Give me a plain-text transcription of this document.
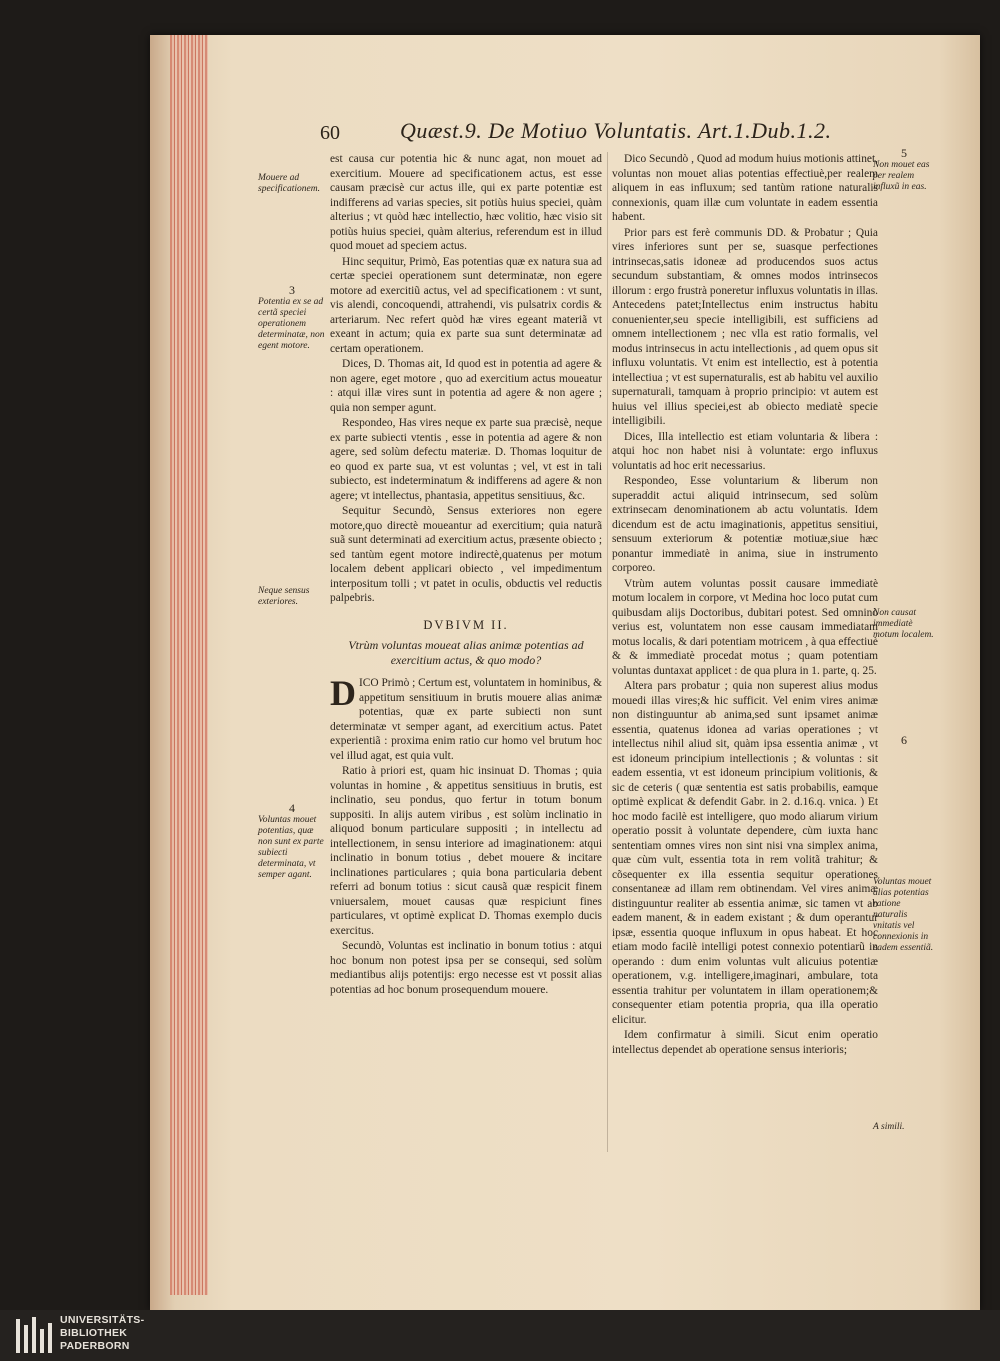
60	Quæst.9. De Motiuo Voluntatis. Art.1.Dub.1.2.

est causa cur potentia hic & nunc agat, non mouet ad exercitium. Mouere ad specificationem actus, est esse causam præcisè cur actus ille, qui ex parte potentiæ est indifferens ad varias species, sit potiùs huius speciei, quàm alterius ; vt quòd hæc intellectio, hæc volitio, hæc visio sit potiùs huius speciei, quàm alterius, referendum est in illud quod mouet ad speciem actus.

Hinc sequitur, Primò, Eas potentias quæ ex natura sua ad certæ speciei operationem sunt determinatæ, non egere motore ad exercitiũ actus, vel ad specificationem : vt sunt, vis alendi, concoquendi, attrahendi, vis pulsatrix cordis & arteriarum. Nec refert quòd hæ vires egeant materiã vt exeant in actum; quia ex parte sua sunt determinatæ ad certam operationem.

Dices, D. Thomas ait, Id quod est in potentia ad agere & non agere, eget motore , quo ad exercitium actus moueatur : atqui illæ vires sunt in potentia ad agere & non agere ; quia non semper agunt.

Respondeo, Has vires neque ex parte sua præcisè, neque ex parte subiecti vtentis , esse in potentia ad agere & non agere, sed solùm defectu materiæ. D. Thomas loquitur de eo quod ex parte sua, vt est voluntas ; vel, vt est in tali subiecto, est indeterminatum & indifferens ad agere & non agere; vt intellectus, phantasia, appetitus sensitiuus, &c.

Sequitur Secundò, Sensus exteriores non egere motore,quo directè moueantur ad exercitium; quia naturã suã sunt determinati ad exercitium actus, præsente obiecto ; sed tantùm egent motore indirectè,quatenus per motum localem debent applicari obiecto , vel impedimentum interpositum tolli ; vt patet in oculis, obductis vel reductis palpebris.

DVBIVM II.
Vtrùm voluntas moueat alias animæ potentias ad exercitium actus, & quo modo?

DICO Primò ; Certum est, voluntatem in hominibus, & appetitum sensitiuum in brutis mouere alias animæ potentias, quæ ex parte subiecti non sunt determinatæ vt semper agant, ad exercitium actus. Patet experientiã : proxima enim ratio cur homo vel brutum hoc vel illud agat, est quia vult.

Ratio à priori est, quam hic insinuat D. Thomas ; quia voluntas in homine , & appetitus sensitiuus in brutis, est inclinatio, seu pondus, quo fertur in totum bonum suppositi. In alijs autem viribus , est solùm inclinatio in aliquod bonum particulare suppositi ; in intellectu ad intellectionem, in sensu interiore ad imaginationem: atqui inclinatio in bonum totius , debet mouere & incitare inclinationes particulares ; quia bona particularia debent referri ad bonum totius : sicut causã quæ respicit finem vniuersalem, mouet causas quæ respiciunt fines particulares, vt optimè explicat D. Thomas exemplo ducis exercitus.

Secundò, Voluntas est inclinatio in bonum totius : atqui hoc bonum non potest ipsa per se consequi, sed solùm mediantibus alijs potentijs: ergo necesse est vt possit alias potentias ad hoc bonum prosequendum mouere.

Dico Secundò , Quod ad modum huius motionis attinet, voluntas non mouet alias potentias effectiuè,per realem aliquem in eas influxum; sed tantùm ratione naturalis connexionis, quam illæ cum voluntate in eadem essentia habent.

Prior pars est ferè communis DD. & Probatur ; Quia vires inferiores sunt per se, suasque perfectiones intrinsecas,satis idoneæ ad producendos suos actus secundum substantiam, & omnes modos intrinsecos illorum : ergo frustrà poneretur influxus voluntatis in illas. Antecedens patet;Intellectus enim instructus habitu conuenienter,seu specie intelligibili, est sufficiens ad omnem intellectionem ; nec vlla est ratio formalis, vel modus intrinsecus in actu intellectionis , ad quem opus sit influxu voluntatis. Vt enim est intellectio, est à potentia intellectiua ; vt est supernaturalis, est ab habitu vel auxilio supernaturali, tamquam à proprio principio: vt autem est huius vel illius speciei,est ab obiecto mediatè specie intelligibili.

Dices, Illa intellectio est etiam voluntaria & libera : atqui hoc non habet nisi à voluntate: ergo influxus voluntatis ad hoc erit necessarius.

Respondeo, Esse voluntarium & liberum non superaddit actui aliquid intrinsecum, sed solùm extrinsecam denominationem ab actu voluntatis. Idem dicendum est de actu imaginationis, appetitus sensitiui, sensuum exteriorum & potentiæ motiuæ,siue hæc ponantur immediatè in anima, siue in instrumento corporeo.

Vtrùm autem voluntas possit causare immediatè motum localem in corpore, vt Medina hoc loco putat cum quibusdam alijs Doctoribus, dubitari potest. Sed omninò verius est, voluntatem non esse causam immediatam motus localis, & dari potentiam motricem , à qua effectiuè & & immediatè procedat motus ; quam potentiam voluntas duntaxat applicet : de qua plura in 1. parte, q. 25.

Altera pars probatur ; quia non superest alius modus mouedi illas vires;& hic sufficit. Vel enim vires animæ non distinguuntur ab anima,sed sunt ipsamet animæ essentia, quatenus idonea ad varias operationes ; vt intellectus nihil aliud sit, quàm ipsa essentia animæ , vt est idoneum principium intellectionis ; & voluntas : sit eadem essentia, vt est idoneum principium volitionis, & sic de ceteris ( quæ sententia est satis probabilis, eamque optimè explicat & defendit Gabr. in 2. d.16.q. vnica. ) Et hoc modo facilè est intelligere, quo modo aliarum virium operatio possit à voluntate dependere, cùm iuxta hanc sententiam omnes vires non sint nisi vna simplex anima, quæ cùm vult, essentia tota in rem volitã trahitur; & cõsequenter ex illa essentia sequitur operationes consentaneæ ad illam rem obtinendam. Vel vires animæ distinguuntur realiter ab essentia animæ, sic tamen vt ab eadem manent, & in eadem existant ; & dum operantur ipsæ, essentia quoque influxum in opus habeat. Et hoc etiam modo facilè intelligi potest connexio potentiarũ in operando : dum enim voluntas vult alicuius potentiæ operationem, v.g. intelligere,imaginari, ambulare, tota essentia trahitur per voluntatem in illam operationem;& consequenter etiam potentia propria, qua illa operatio elicitur.

Idem confirmatur à simili. Sicut enim operatio intellectus dependet ab operatione sensus interioris;

Mouere ad specificationem.
3
Potentia ex se ad certã speciei operationem determinatæ, non egent motore.
Neque sensus exteriores.
4
Voluntas mouet potentias, quæ non sunt ex parte subiecti determinata, vt semper agant.
5
Non mouet eas per realem influxũ in eas.
Non causat immediatè motum localem.
6
Voluntas mouet alias potentias ratione naturalis vnitatis vel connexionis in eadem essentiã.
A simili.
UNIVERSITÄTS-
BIBLIOTHEK
PADERBORN
